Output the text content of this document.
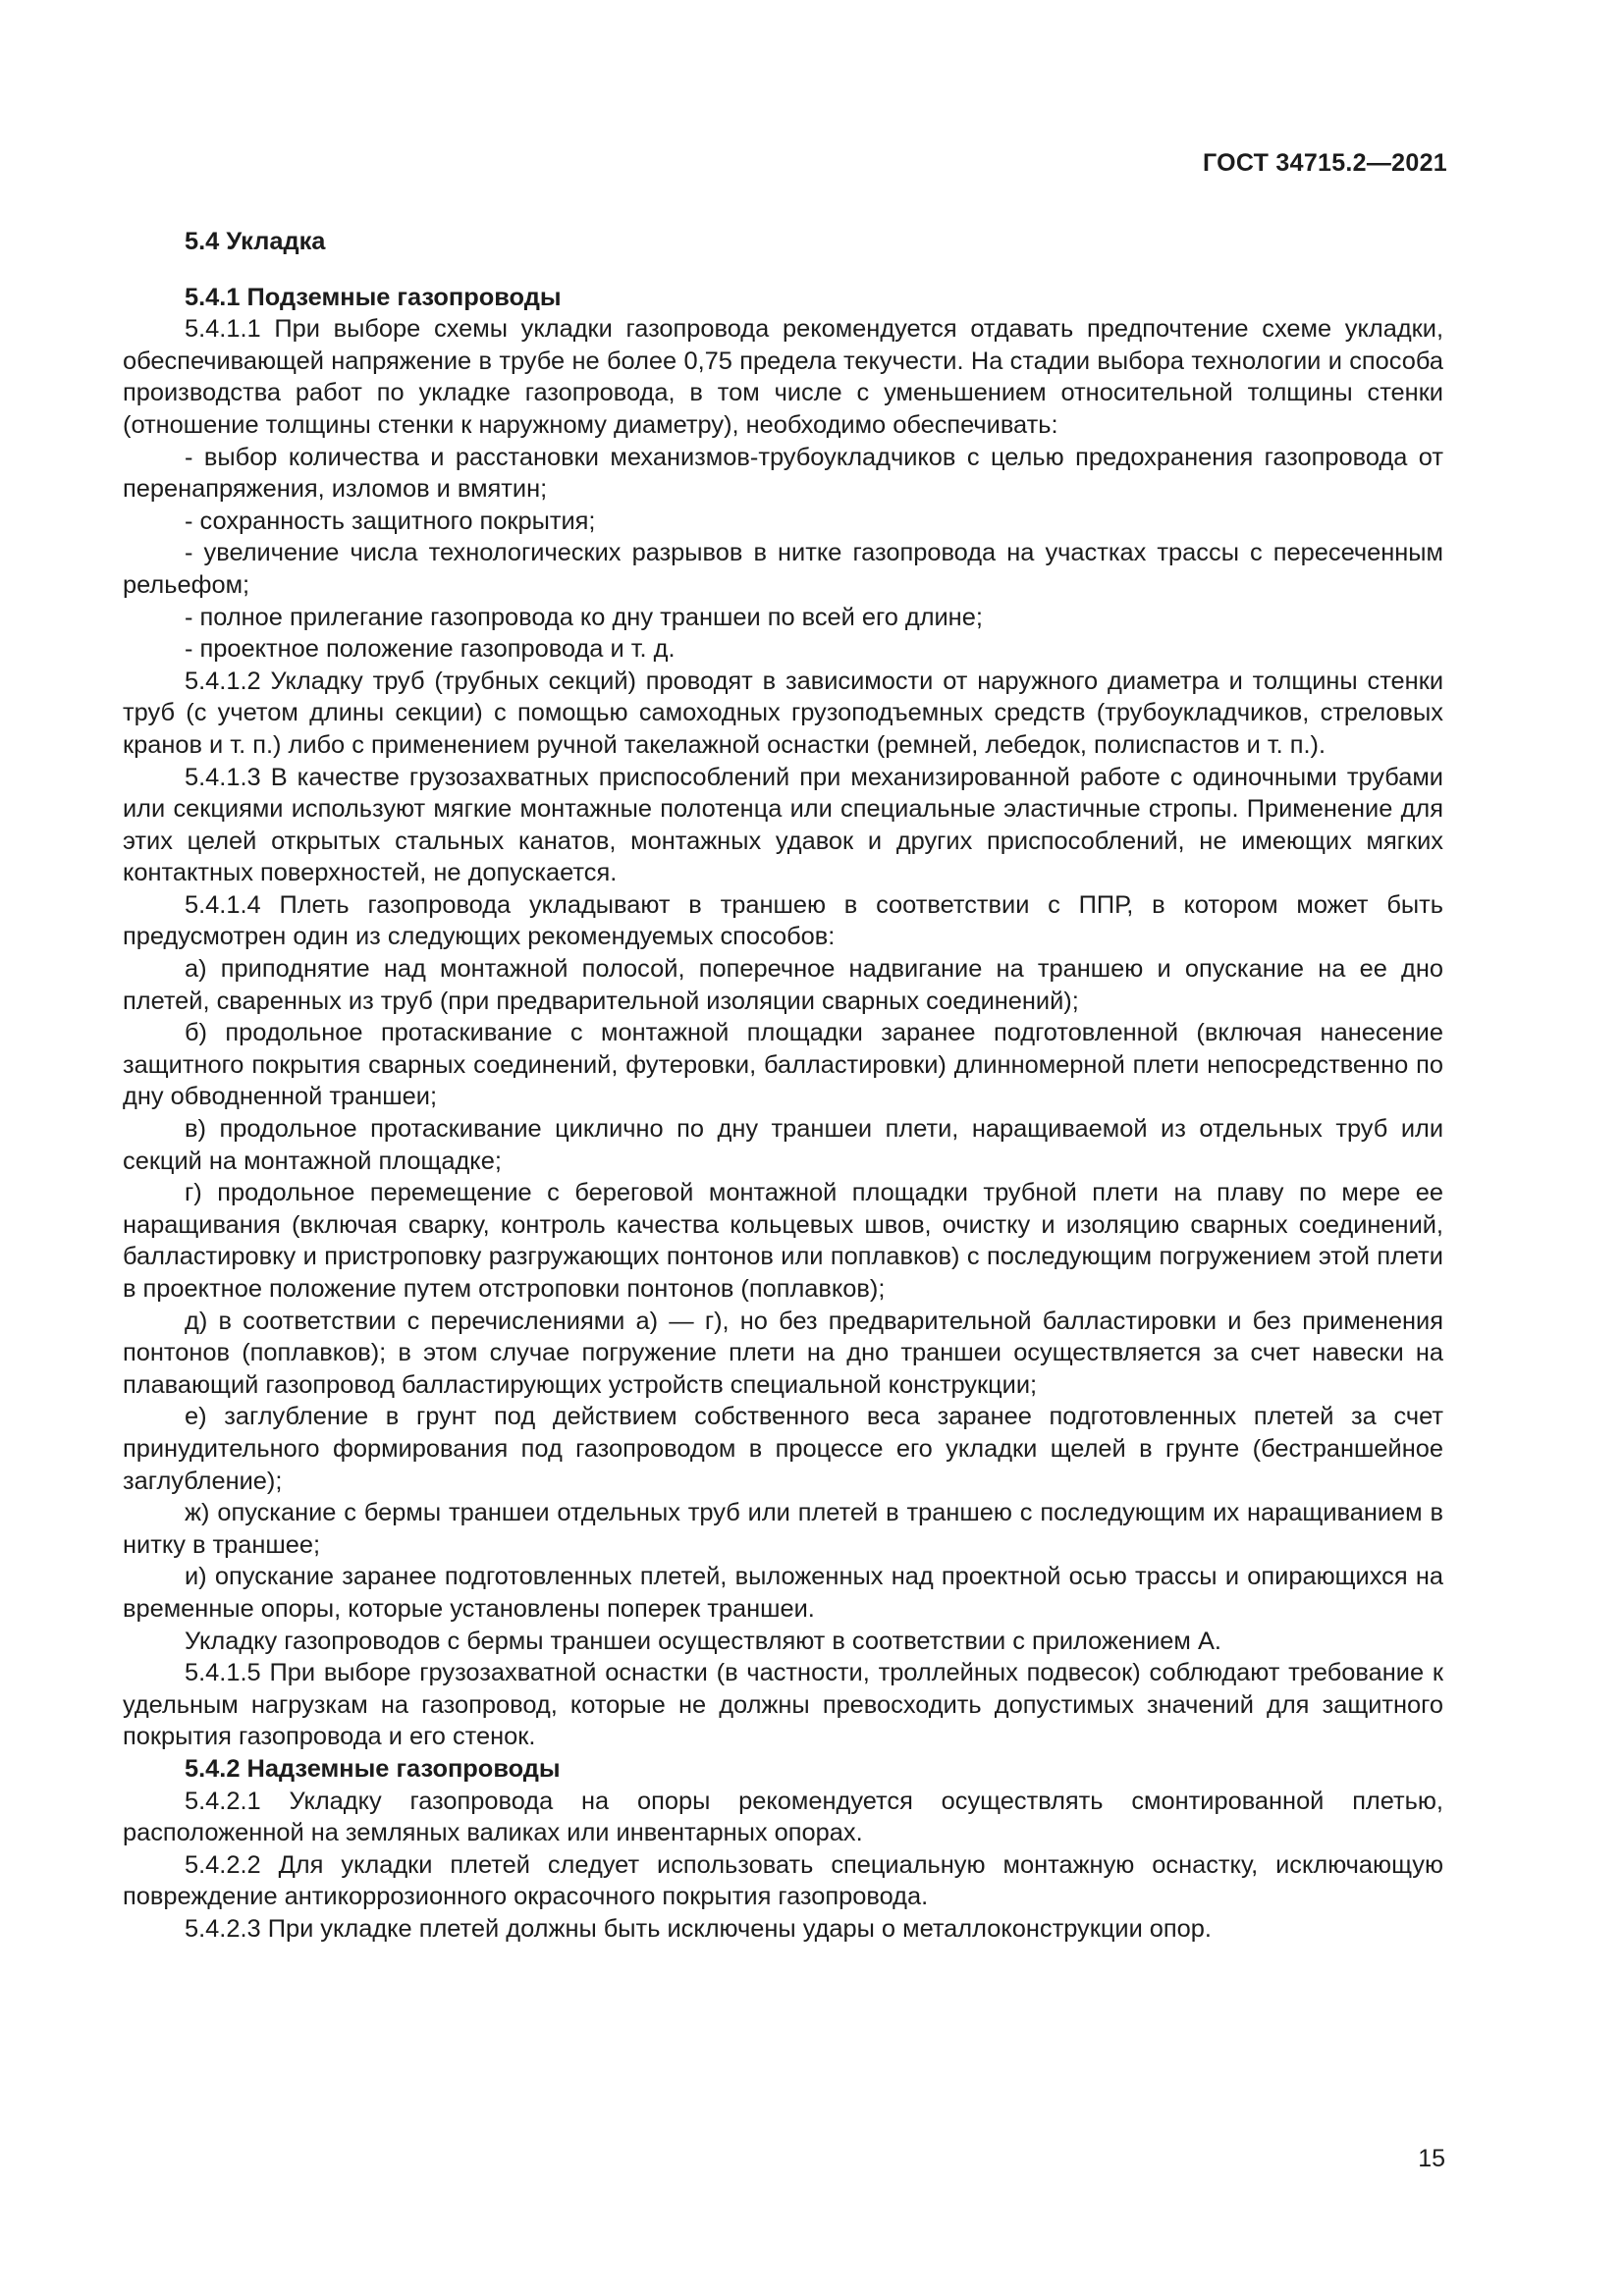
ГОСТ 34715.2—2021

5.4 Укладка

5.4.1 Подземные газопроводы

5.4.1.1 При выборе схемы укладки газопровода рекомендуется отдавать предпочтение схеме укладки, обеспечивающей напряжение в трубе не более 0,75 предела текучести. На стадии выбора технологии и способа производства работ по укладке газопровода, в том числе с уменьшением относительной толщины стенки (отношение толщины стенки к наружному диаметру), необходимо обеспечивать:

- выбор количества и расстановки механизмов-трубоукладчиков с целью предохранения газопровода от перенапряжения, изломов и вмятин;

- сохранность защитного покрытия;

- увеличение числа технологических разрывов в нитке газопровода на участках трассы с пересеченным рельефом;

- полное прилегание газопровода ко дну траншеи по всей его длине;

- проектное положение газопровода и т. д.

5.4.1.2 Укладку труб (трубных секций) проводят в зависимости от наружного диаметра и толщины стенки труб (с учетом длины секции) с помощью самоходных грузоподъемных средств (трубоукладчиков, стреловых кранов и т. п.) либо с применением ручной такелажной оснастки (ремней, лебедок, полиспастов и т. п.).

5.4.1.3 В качестве грузозахватных приспособлений при механизированной работе с одиночными трубами или секциями используют мягкие монтажные полотенца или специальные эластичные стропы. Применение для этих целей открытых стальных канатов, монтажных удавок и других приспособлений, не имеющих мягких контактных поверхностей, не допускается.

5.4.1.4 Плеть газопровода укладывают в траншею в соответствии с ППР, в котором может быть предусмотрен один из следующих рекомендуемых способов:

а) приподнятие над монтажной полосой, поперечное надвигание на траншею и опускание на ее дно плетей, сваренных из труб (при предварительной изоляции сварных соединений);

б) продольное протаскивание с монтажной площадки заранее подготовленной (включая нанесение защитного покрытия сварных соединений, футеровки, балластировки) длинномерной плети непосредственно по дну обводненной траншеи;

в) продольное протаскивание циклично по дну траншеи плети, наращиваемой из отдельных труб или секций на монтажной площадке;

г) продольное перемещение с береговой монтажной площадки трубной плети на плаву по мере ее наращивания (включая сварку, контроль качества кольцевых швов, очистку и изоляцию сварных соединений, балластировку и пристроповку разгружающих понтонов или поплавков) с последующим погружением этой плети в проектное положение путем отстроповки понтонов (поплавков);

д) в соответствии с перечислениями а) — г), но без предварительной балластировки и без применения понтонов (поплавков); в этом случае погружение плети на дно траншеи осуществляется за счет навески на плавающий газопровод балластирующих устройств специальной конструкции;

е) заглубление в грунт под действием собственного веса заранее подготовленных плетей за счет принудительного формирования под газопроводом в процессе его укладки щелей в грунте (бестраншейное заглубление);

ж) опускание с бермы траншеи отдельных труб или плетей в траншею с последующим их наращиванием в нитку в траншее;

и) опускание заранее подготовленных плетей, выложенных над проектной осью трассы и опирающихся на временные опоры, которые установлены поперек траншеи.

Укладку газопроводов с бермы траншеи осуществляют в соответствии с приложением А.

5.4.1.5 При выборе грузозахватной оснастки (в частности, троллейных подвесок) соблюдают требование к удельным нагрузкам на газопровод, которые не должны превосходить допустимых значений для защитного покрытия газопровода и его стенок.

5.4.2 Надземные газопроводы

5.4.2.1 Укладку газопровода на опоры рекомендуется осуществлять смонтированной плетью, расположенной на земляных валиках или инвентарных опорах.

5.4.2.2 Для укладки плетей следует использовать специальную монтажную оснастку, исключающую повреждение антикоррозионного окрасочного покрытия газопровода.

5.4.2.3 При укладке плетей должны быть исключены удары о металлоконструкции опор.

15
